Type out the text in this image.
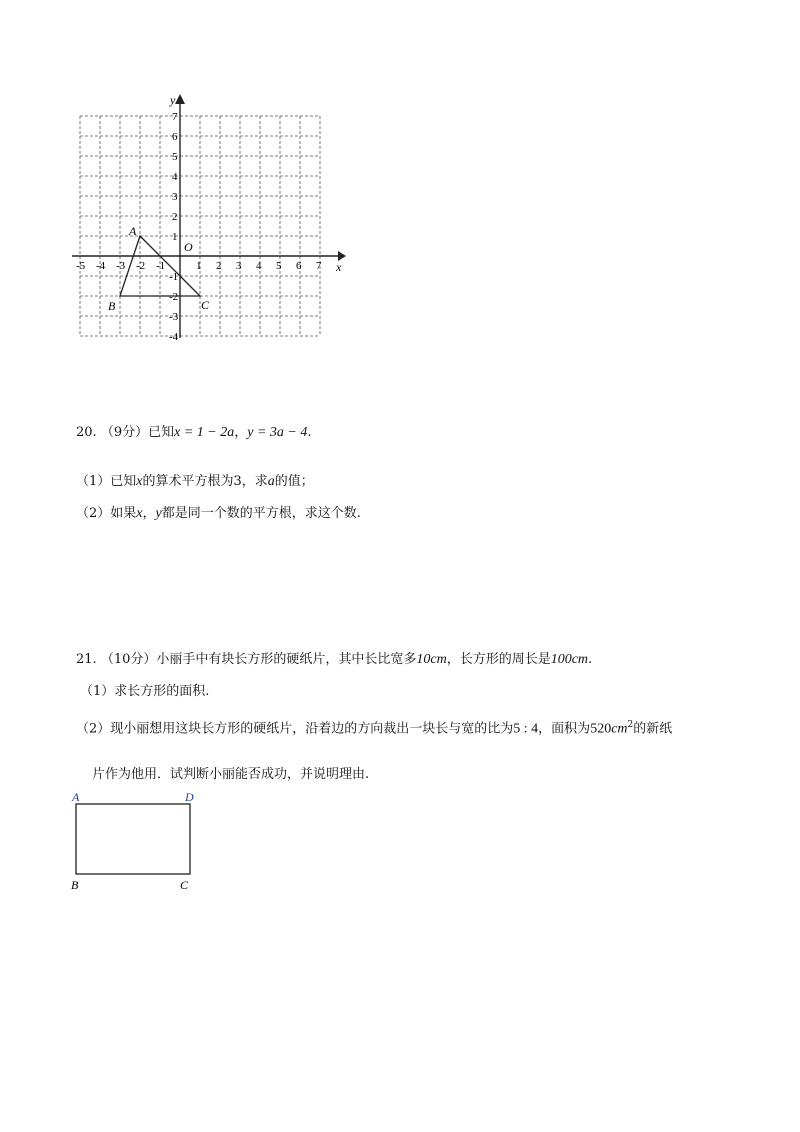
x
y
O
-5 -4 -3 -2 -1	1 2 3 4 5 6 7
7
6
5
4
3
2
1
-1
-2
-3
-4
A
B	C
20. （9分）已知x = 1 − 2a，y = 3a − 4.
（1）已知x的算术平方根为3，求a的值；
（2）如果x，y都是同一个数的平方根，求这个数.
21. （10分）小丽手中有块长方形的硬纸片，其中长比宽多10cm，长方形的周长是100cm.
（1）求长方形的面积.
（2）现小丽想用这块长方形的硬纸片，沿着边的方向裁出一块长与宽的比为5 : 4，面积为$520cm^2$的新纸
片作为他用．试判断小丽能否成功，并说明理由.
A	D
B	C
